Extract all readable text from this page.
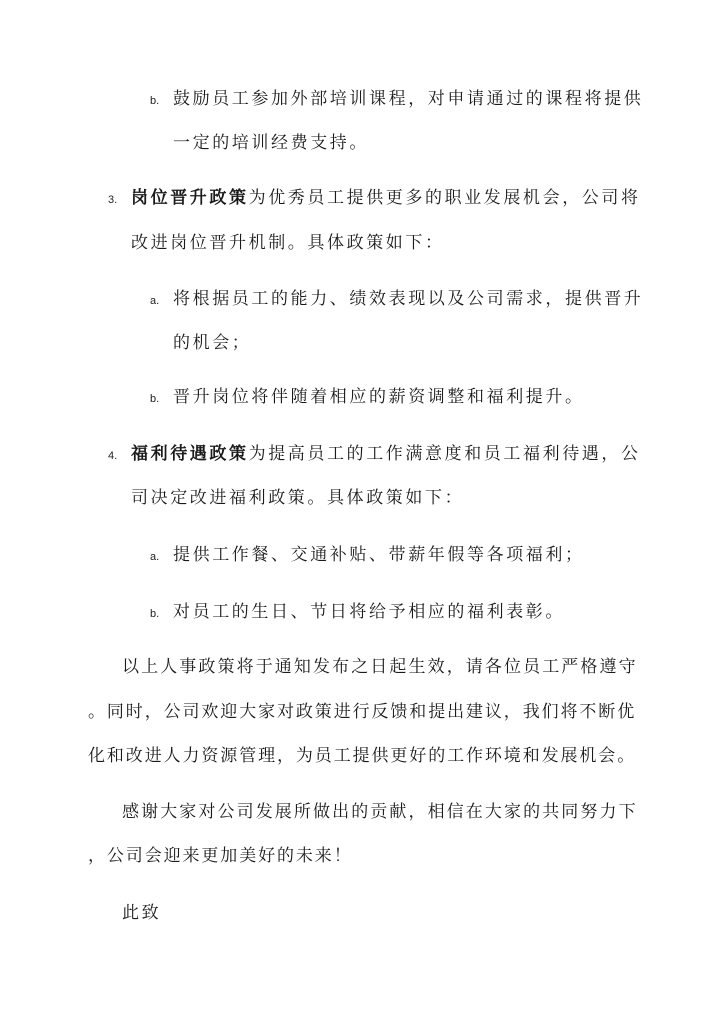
b. 鼓励员工参加外部培训课程，对申请通过的课程将提供
一定的培训经费支持。
3. 岗位晋升政策为优秀员工提供更多的职业发展机会，公司将
改进岗位晋升机制。具体政策如下：
a. 将根据员工的能力、绩效表现以及公司需求，提供晋升
的机会；
b. 晋升岗位将伴随着相应的薪资调整和福利提升。
4. 福利待遇政策为提高员工的工作满意度和员工福利待遇，公
司决定改进福利政策。具体政策如下：
a. 提供工作餐、交通补贴、带薪年假等各项福利；
b. 对员工的生日、节日将给予相应的福利表彰。
以上人事政策将于通知发布之日起生效，请各位员工严格遵守
。同时，公司欢迎大家对政策进行反馈和提出建议，我们将不断优
化和改进人力资源管理，为员工提供更好的工作环境和发展机会。
感谢大家对公司发展所做出的贡献，相信在大家的共同努力下
，公司会迎来更加美好的未来！
此致
